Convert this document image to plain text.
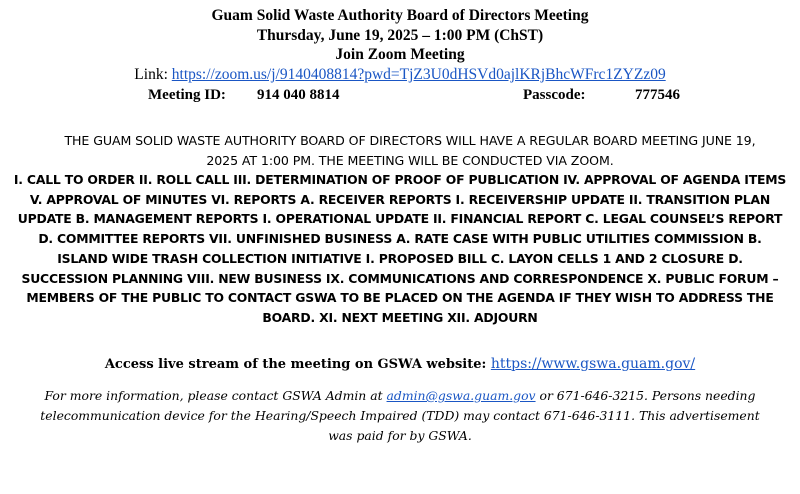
Guam Solid Waste Authority Board of Directors Meeting
Thursday, June 19, 2025 – 1:00 PM (ChST)
Join Zoom Meeting
Link: https://zoom.us/j/9140408814?pwd=TjZ3U0dHSVd0ajlKRjBhcWFrc1ZYZz09
Meeting ID: 914 040 8814	Passcode:	777546
THE GUAM SOLID WASTE AUTHORITY BOARD OF DIRECTORS WILL HAVE A REGULAR BOARD MEETING JUNE 19, 2025 AT 1:00 PM. THE MEETING WILL BE CONDUCTED VIA ZOOM.
I. CALL TO ORDER II. ROLL CALL III. DETERMINATION OF PROOF OF PUBLICATION IV. APPROVAL OF AGENDA ITEMS V. APPROVAL OF MINUTES VI. REPORTS A. RECEIVER REPORTS I. RECEIVERSHIP UPDATE II. TRANSITION PLAN UPDATE B. MANAGEMENT REPORTS I. OPERATIONAL UPDATE II. FINANCIAL REPORT C. LEGAL COUNSEL’S REPORT D. COMMITTEE REPORTS VII. UNFINISHED BUSINESS A. RATE CASE WITH PUBLIC UTILITIES COMMISSION B. ISLAND WIDE TRASH COLLECTION INITIATIVE I. PROPOSED BILL C. LAYON CELLS 1 AND 2 CLOSURE D. SUCCESSION PLANNING VIII. NEW BUSINESS IX. COMMUNICATIONS AND CORRESPONDENCE X. PUBLIC FORUM – MEMBERS OF THE PUBLIC TO CONTACT GSWA TO BE PLACED ON THE AGENDA IF THEY WISH TO ADDRESS THE BOARD. XI. NEXT MEETING XII. ADJOURN
Access live stream of the meeting on GSWA website: https://www.gswa.guam.gov/
For more information, please contact GSWA Admin at admin@gswa.guam.gov or 671-646-3215. Persons needing telecommunication device for the Hearing/Speech Impaired (TDD) may contact 671-646-3111. This advertisement was paid for by GSWA.
